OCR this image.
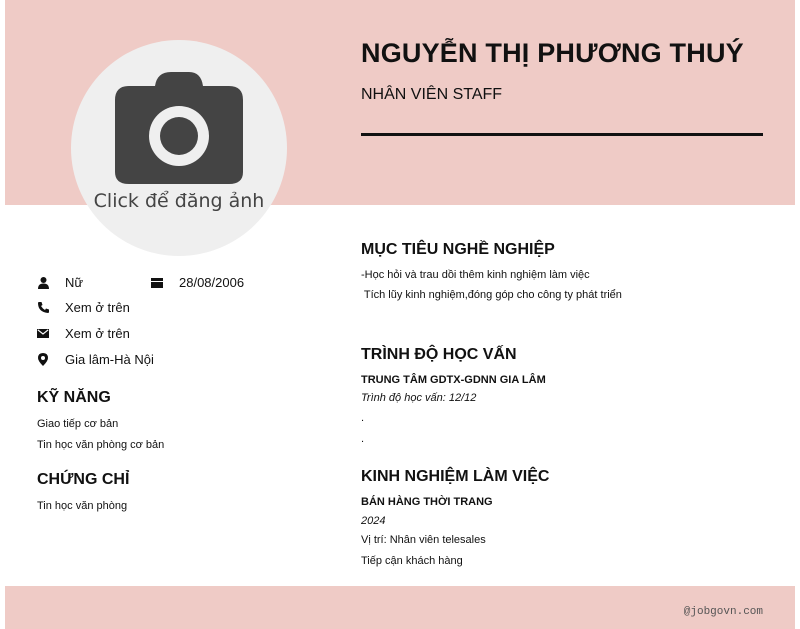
Click để đăng ảnh
NGUYỄN THỊ PHƯƠNG THUÝ
NHÂN VIÊN STAFF
Nữ	28/08/2006
Xem ở trên
Xem ở trên
Gia lâm-Hà Nội
KỸ NĂNG
Giao tiếp cơ bản
Tin học văn phòng cơ bản
CHỨNG CHỈ
Tin học văn phòng
MỤC TIÊU NGHỀ NGHIỆP
-Học hỏi và trau dồi thêm kinh nghiệm làm việc
Tích lũy kinh nghiệm,đóng góp cho công ty phát triển
TRÌNH ĐỘ HỌC VẤN
TRUNG TÂM GDTX-GDNN GIA LÂM
Trình độ học vấn: 12/12
.
.
KINH NGHIỆM LÀM VIỆC
BÁN HÀNG THỜI TRANG
2024
Vị trí: Nhân viên telesales
Tiếp cận khách hàng
@jobgovn.com
